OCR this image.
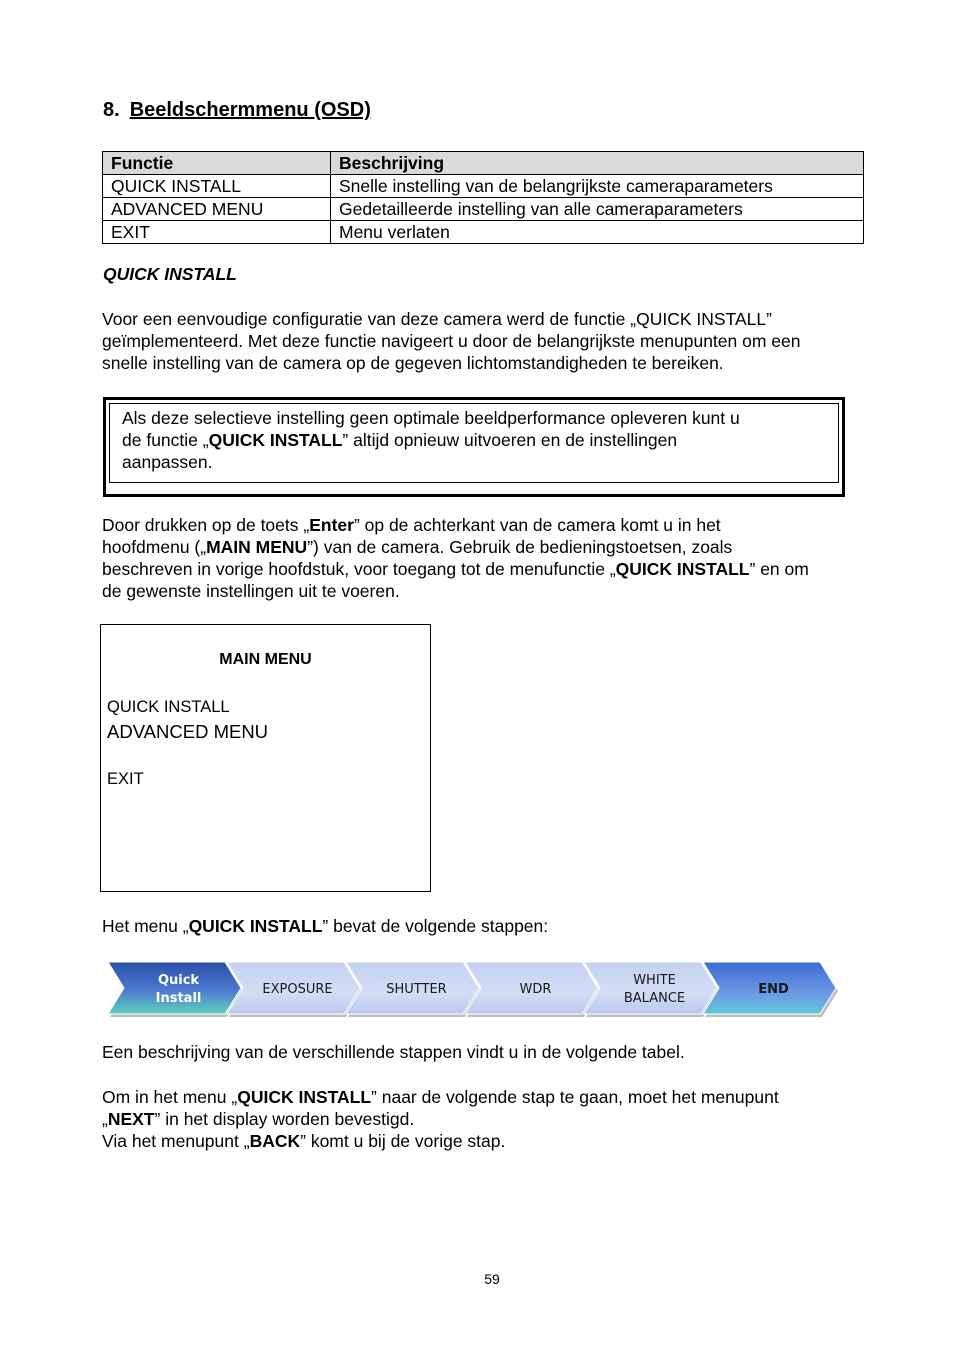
8. Beeldschermmenu (OSD)
Functie	Beschrijving
QUICK INSTALL	Snelle instelling van de belangrijkste cameraparameters
ADVANCED MENU	Gedetailleerde instelling van alle cameraparameters
EXIT	Menu verlaten
QUICK INSTALL
Voor een eenvoudige configuratie van deze camera werd de functie „QUICK INSTALL”
geïmplementeerd. Met deze functie navigeert u door de belangrijkste menupunten om een
snelle instelling van de camera op de gegeven lichtomstandigheden te bereiken.
Als deze selectieve instelling geen optimale beeldperformance opleveren kunt u
de functie „QUICK INSTALL” altijd opnieuw uitvoeren en de instellingen
aanpassen.
Door drukken op de toets „Enter” op de achterkant van de camera komt u in het
hoofdmenu („MAIN MENU”) van de camera. Gebruik de bedieningstoetsen, zoals
beschreven in vorige hoofdstuk, voor toegang tot de menufunctie „QUICK INSTALL” en om
de gewenste instellingen uit te voeren.
MAIN MENU
QUICK INSTALL
ADVANCED MENU
EXIT
Het menu „QUICK INSTALL” bevat de volgende stappen:
Quick
Install
EXPOSURE	SHUTTER	WDR
WHITE
BALANCE
END
Een beschrijving van de verschillende stappen vindt u in de volgende tabel.
Om in het menu „QUICK INSTALL” naar de volgende stap te gaan, moet het menupunt
„NEXT” in het display worden bevestigd.
Via het menupunt „BACK” komt u bij de vorige stap.
59
